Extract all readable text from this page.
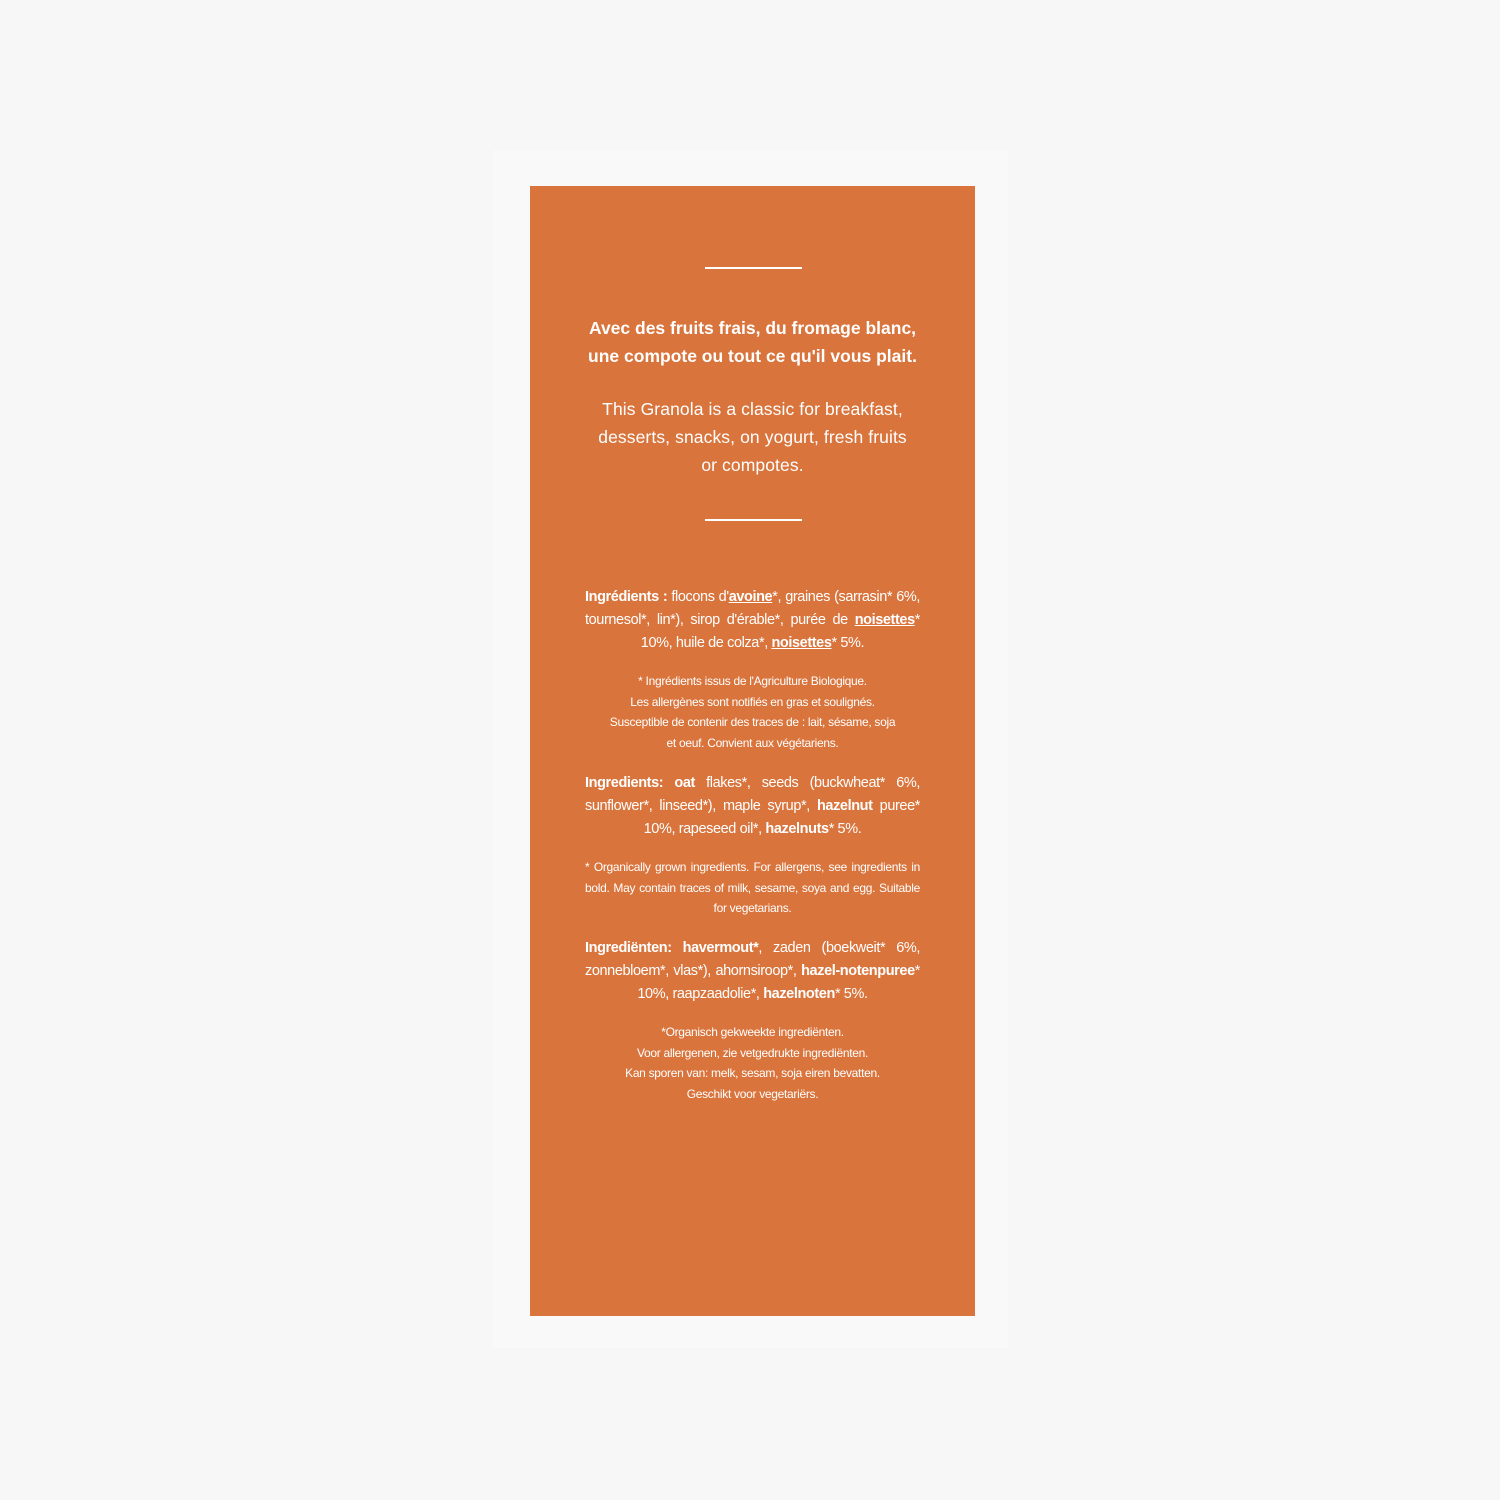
Avec des fruits frais, du fromage blanc,
une compote ou tout ce qu'il vous plait.
This Granola is a classic for breakfast,
desserts, snacks, on yogurt, fresh fruits
or compotes.
Ingrédients : flocons d'avoine*, graines (sarrasin* 6%, tournesol*, lin*), sirop d'érable*, purée de noisettes* 10%, huile de colza*, noisettes* 5%.
* Ingrédients issus de l'Agriculture Biologique.
Les allergènes sont notifiés en gras et soulignés.
Susceptible de contenir des traces de : lait, sésame, soja
et oeuf. Convient aux végétariens.
Ingredients: oat flakes*, seeds (buckwheat* 6%, sunflower*, linseed*), maple syrup*, hazelnut puree* 10%, rapeseed oil*, hazelnuts* 5%.
* Organically grown ingredients. For allergens, see ingredients in bold. May contain traces of milk, sesame, soya and egg. Suitable for vegetarians.
Ingrediënten: havermout*, zaden (boekweit* 6%, zonnebloem*, vlas*), ahornsiroop*, hazel-notenpuree* 10%, raapzaadolie*, hazelnoten* 5%.
*Organisch gekweekte ingrediënten.
Voor allergenen, zie vetgedrukte ingrediënten.
Kan sporen van: melk, sesam, soja eiren bevatten.
Geschikt voor vegetariërs.
